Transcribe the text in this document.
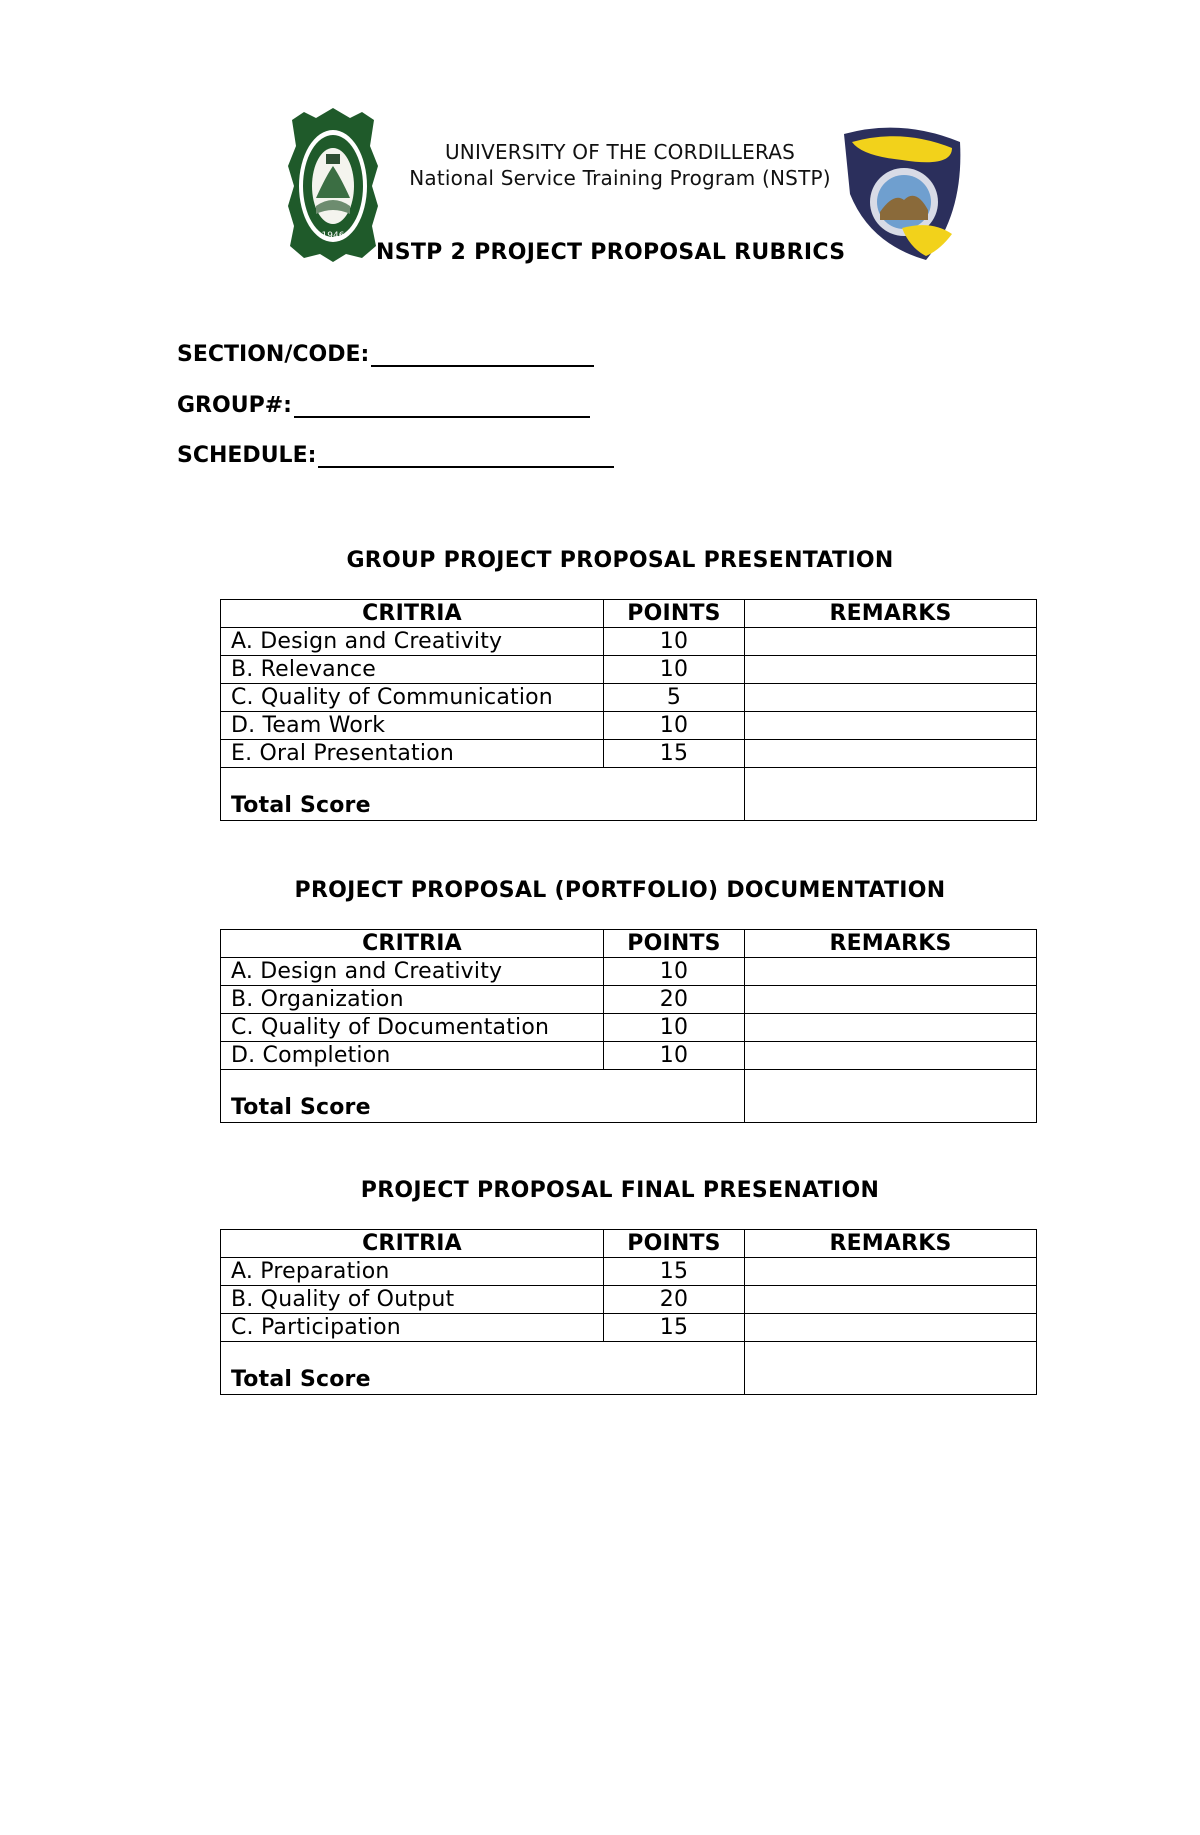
1946
UNIVERSITY OF THE CORDILLERAS
National Service Training Program (NSTP)
NSTP 2 PROJECT PROPOSAL RUBRICS
SECTION/CODE:
GROUP#:
SCHEDULE:
GROUP PROJECT PROPOSAL PRESENTATION
CRITRIA	POINTS	REMARKS
A. Design and Creativity	10	
B. Relevance	10	
C. Quality of Communication	5	
D. Team Work	10	
E. Oral Presentation	15	
Total Score		
PROJECT PROPOSAL (PORTFOLIO) DOCUMENTATION
CRITRIA	POINTS	REMARKS
A. Design and Creativity	10	
B. Organization	20	
C. Quality of Documentation	10	
D. Completion	10	
Total Score		
PROJECT PROPOSAL FINAL PRESENATION
CRITRIA	POINTS	REMARKS
A. Preparation	15	
B. Quality of Output	20	
C. Participation	15	
Total Score		
